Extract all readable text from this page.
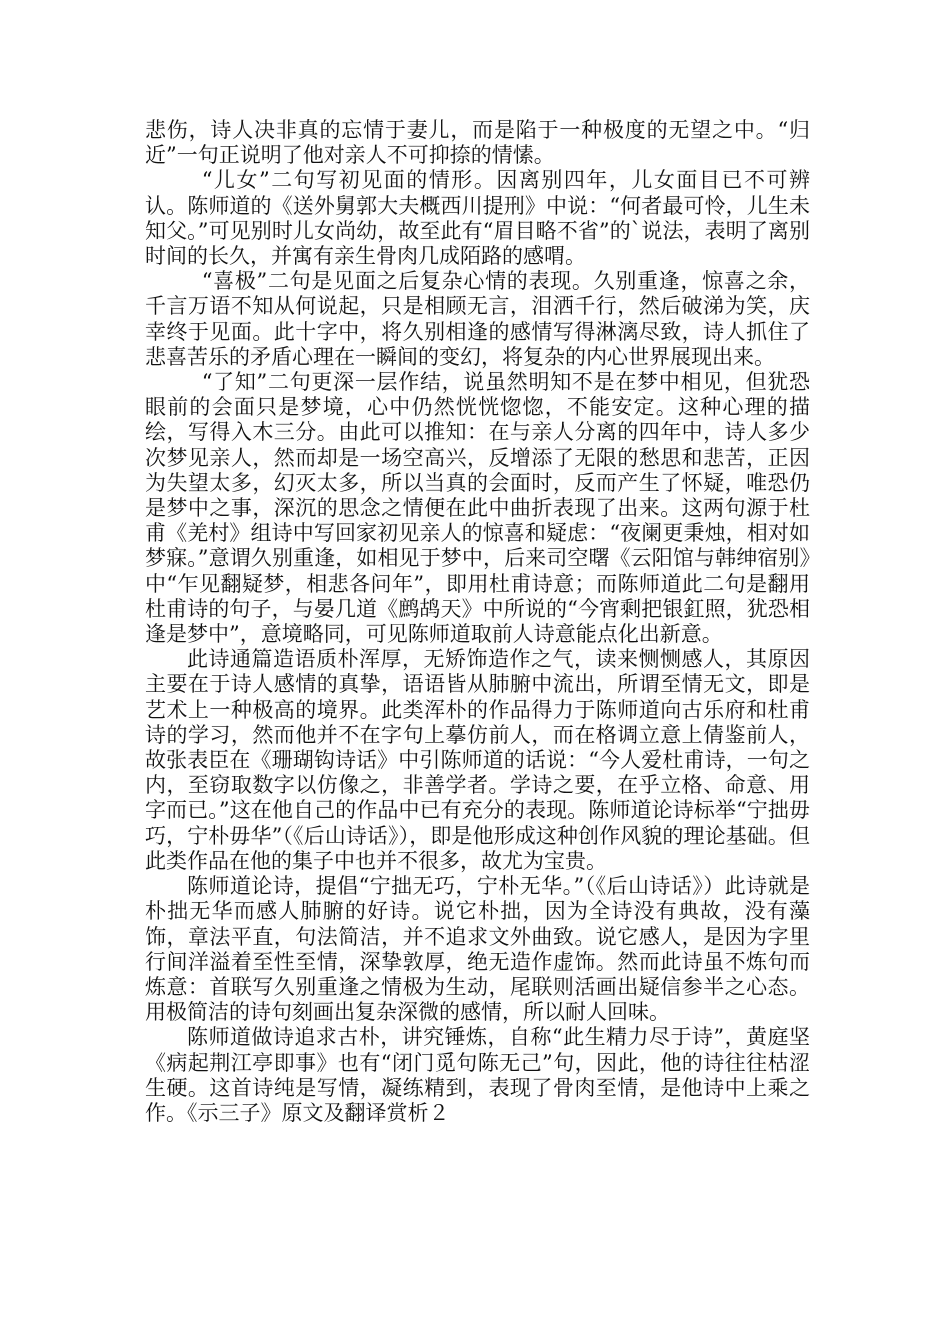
悲伤，诗人决非真的忘情于妻儿，而是陷于一种极度的无望之中。“归近”一句正说明了他对亲人不可抑捺的情愫。

“儿女”二句写初见面的情形。因离别四年，儿女面目已不可辨认。陈师道的《送外舅郭大夫概西川提刑》中说：“何者最可怜，儿生未知父。”可见别时儿女尚幼，故至此有“眉目略不省”的`说法，表明了离别时间的长久，并寓有亲生骨肉几成陌路的感喟。

“喜极”二句是见面之后复杂心情的表现。久别重逢，惊喜之余，千言万语不知从何说起，只是相顾无言，泪洒千行，然后破涕为笑，庆幸终于见面。此十字中，将久别相逢的感情写得淋漓尽致，诗人抓住了悲喜苦乐的矛盾心理在一瞬间的变幻，将复杂的内心世界展现出来。

“了知”二句更深一层作结，说虽然明知不是在梦中相见，但犹恐眼前的会面只是梦境，心中仍然恍恍惚惚，不能安定。这种心理的描绘，写得入木三分。由此可以推知：在与亲人分离的四年中，诗人多少次梦见亲人，然而却是一场空高兴，反增添了无限的愁思和悲苦，正因为失望太多，幻灭太多，所以当真的会面时，反而产生了怀疑，唯恐仍是梦中之事，深沉的思念之情便在此中曲折表现了出来。这两句源于杜甫《羌村》组诗中写回家初见亲人的惊喜和疑虑：“夜阑更秉烛，相对如梦寐。”意谓久别重逢，如相见于梦中，后来司空曙《云阳馆与韩绅宿别》中“乍见翻疑梦，相悲各问年”，即用杜甫诗意；而陈师道此二句是翻用杜甫诗的句子，与晏几道《鹧鸪天》中所说的“今宵剩把银釭照，犹恐相逢是梦中”，意境略同，可见陈师道取前人诗意能点化出新意。

此诗通篇造语质朴浑厚，无矫饰造作之气，读来恻恻感人，其原因主要在于诗人感情的真挚，语语皆从肺腑中流出，所谓至情无文，即是艺术上一种极高的境界。此类浑朴的作品得力于陈师道向古乐府和杜甫诗的学习，然而他并不在字句上摹仿前人，而在格调立意上倩鉴前人，故张表臣在《珊瑚钩诗话》中引陈师道的话说：“今人爱杜甫诗，一句之内，至窃取数字以仿像之，非善学者。学诗之要，在乎立格、命意、用字而已。”这在他自己的作品中已有充分的表现。陈师道论诗标举“宁拙毋巧，宁朴毋华”（《后山诗话》），即是他形成这种创作风貌的理论基础。但此类作品在他的集子中也并不很多，故尤为宝贵。

陈师道论诗，提倡“宁拙无巧，宁朴无华。”（《后山诗话》）此诗就是朴拙无华而感人肺腑的好诗。说它朴拙，因为全诗没有典故，没有藻饰，章法平直，句法简洁，并不追求文外曲致。说它感人，是因为字里行间洋溢着至性至情，深挚敦厚，绝无造作虚饰。然而此诗虽不炼句而炼意：首联写久别重逢之情极为生动，尾联则活画出疑信参半之心态。用极简洁的诗句刻画出复杂深微的感情，所以耐人回味。

陈师道做诗追求古朴，讲究锤炼，自称“此生精力尽于诗”，黄庭坚《病起荆江亭即事》也有“闭门觅句陈无己”句，因此，他的诗往往枯涩生硬。这首诗纯是写情，凝练精到，表现了骨肉至情，是他诗中上乘之作。《示三子》原文及翻译赏析２
